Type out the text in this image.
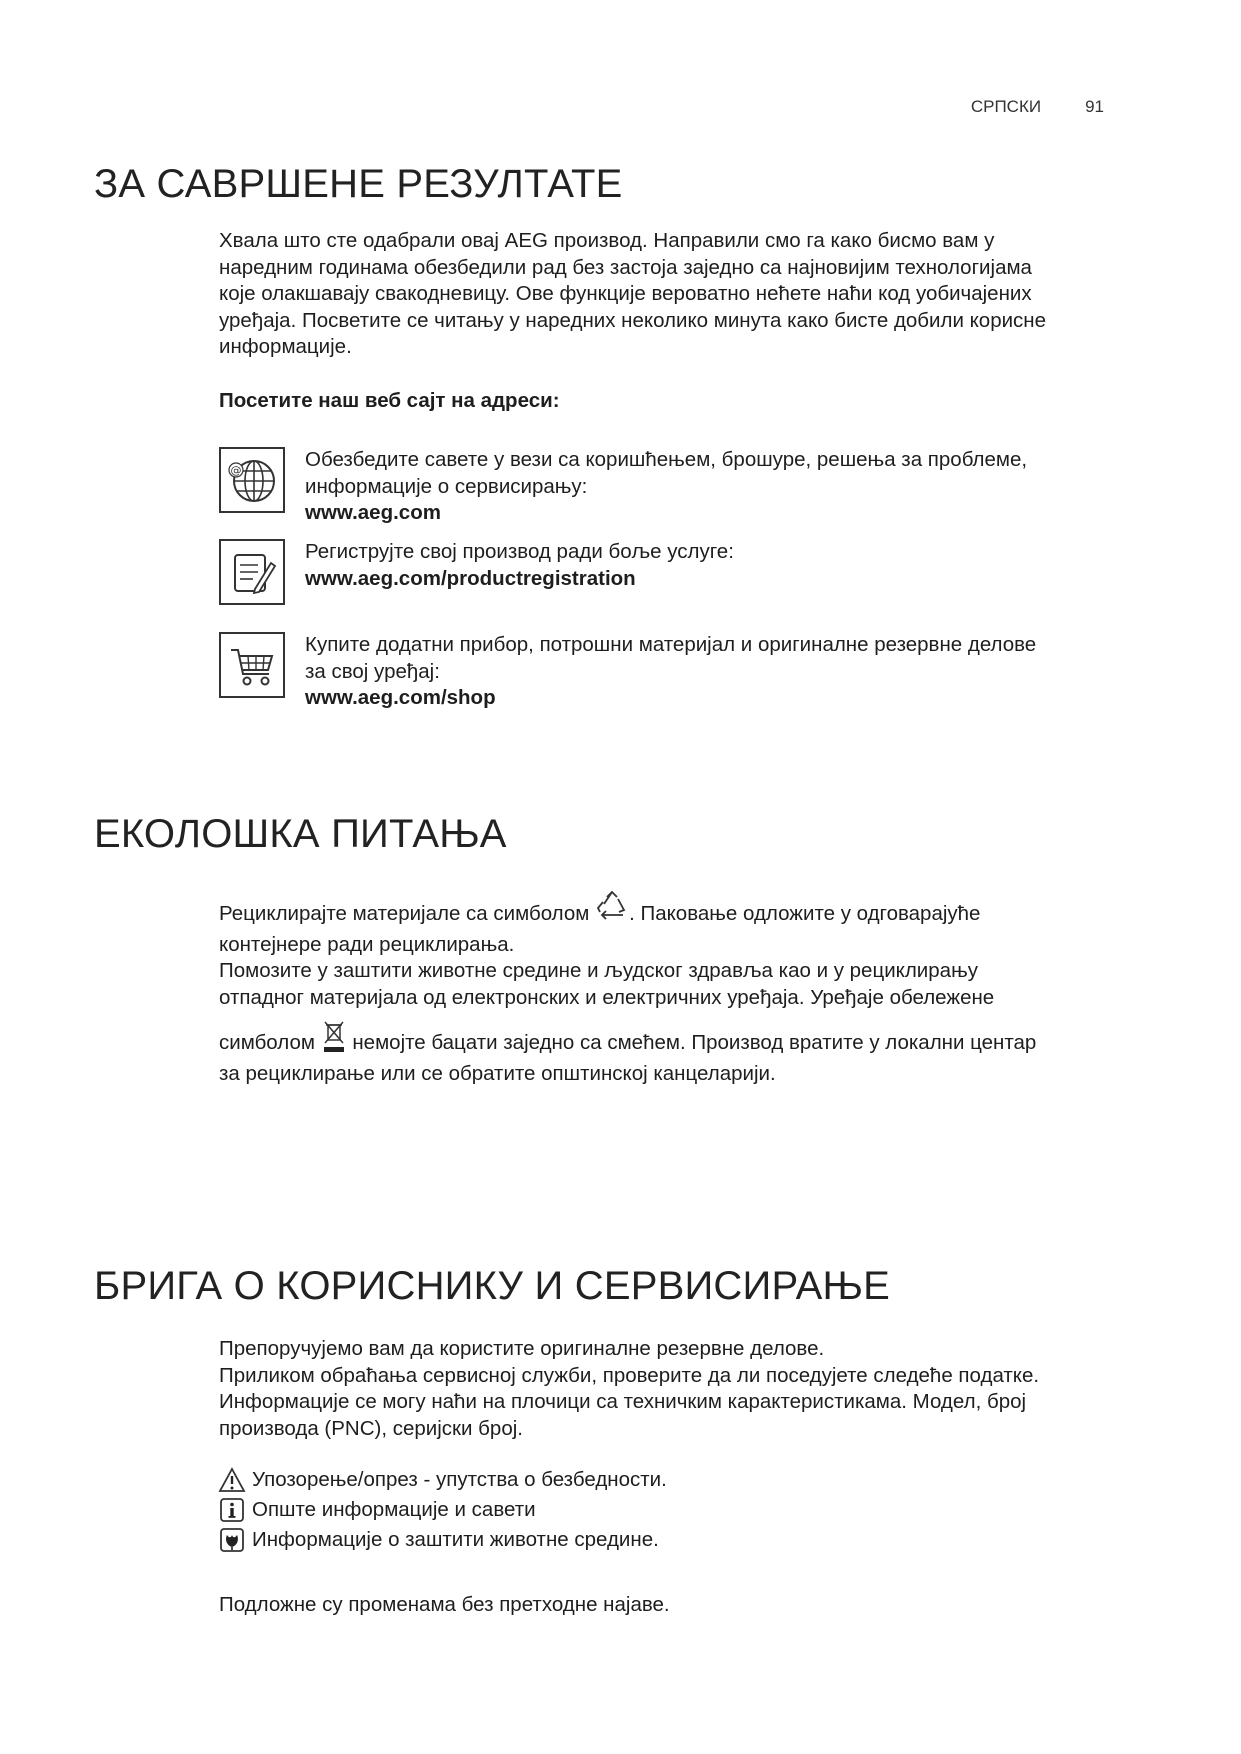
СРПСКИ	91
ЗА САВРШЕНЕ РЕЗУЛТАТЕ

Хвала што сте одабрали овај AEG производ. Направили смо га како бисмо вам у

наредним годинама обезбедили рад без застоја заједно са најновијим технологијама

које олакшавају свакодневицу. Ове функције вероватно нећете наћи код уобичајених

уређаја. Посветите се читању у наредних неколико минута како бисте добили корисне

информације.

Посетите наш веб сајт на адреси:
@	Обезбедите савете у вези са коришћењем, брошуре, решења за проблеме,
информације о сервисирању:
www.aeg.com
Региструјте свој производ ради боље услуге:
www.aeg.com/productregistration
Купите додатни прибор, потрошни материјал и оригиналне резервне делове
за свој уређај:
www.aeg.com/shop
ЕКОЛОШКА ПИТАЊА

Рециклирајте материјале са симболом . Паковање одложите у одговарајуће

контејнере ради рециклирања.

Помозите у заштити животне средине и људског здравља као и у рециклирању

отпадног материјала од електронских и електричних уређаја. Уређаје обележене

симболом немојте бацати заједно са смећем. Производ вратите у локални центар

за рециклирање или се обратите општинској канцеларији.

БРИГА О КОРИСНИКУ И СЕРВИСИРАЊЕ

Препоручујемо вам да користите оригиналне резервне делове.

Приликом обраћања сервисној служби, проверите да ли поседујете следеће податке.

Информације се могу наћи на плочици са техничким карактеристикама. Модел, број

производа (PNC), серијски број.

Упозорење/опрез - упутства о безбедности.
Опште информације и савети
Информације о заштити животне средине.
Подложне су променама без претходне најаве.
